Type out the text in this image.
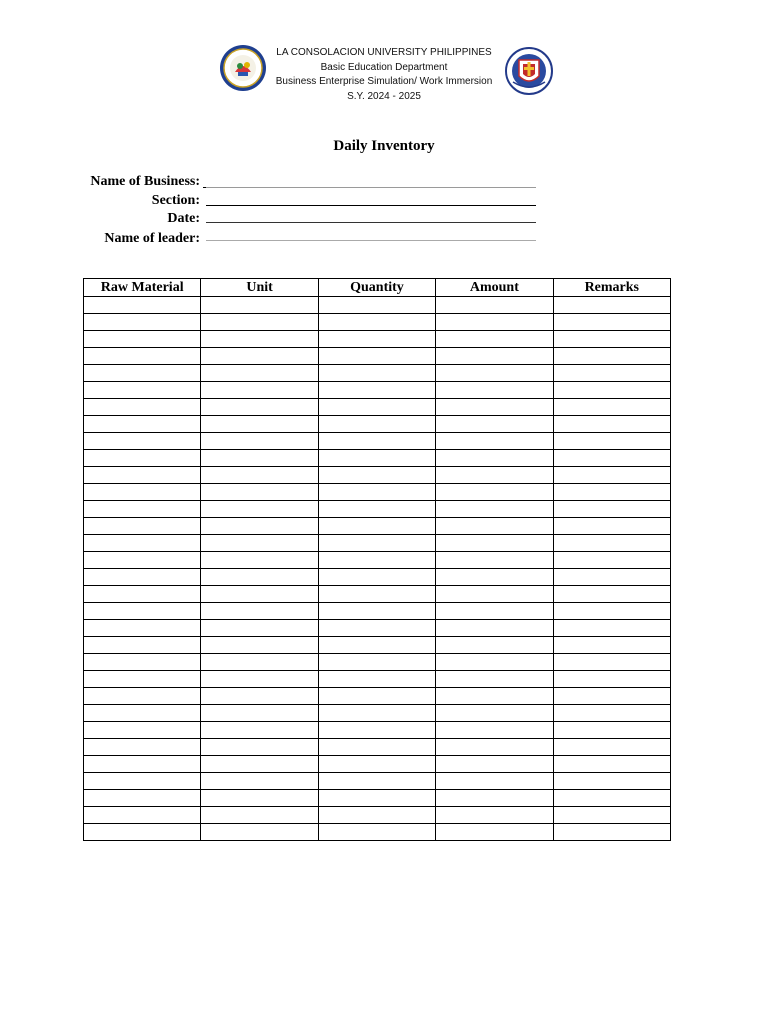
LA CONSOLACION UNIVERSITY PHILIPPINES
Basic Education Department
Business Enterprise Simulation/ Work Immersion
S.Y. 2024 - 2025
Daily Inventory
Name of Business:
Section:
Date:
Name of leader:
Raw Material	Unit	Quantity	Amount	Remarks
